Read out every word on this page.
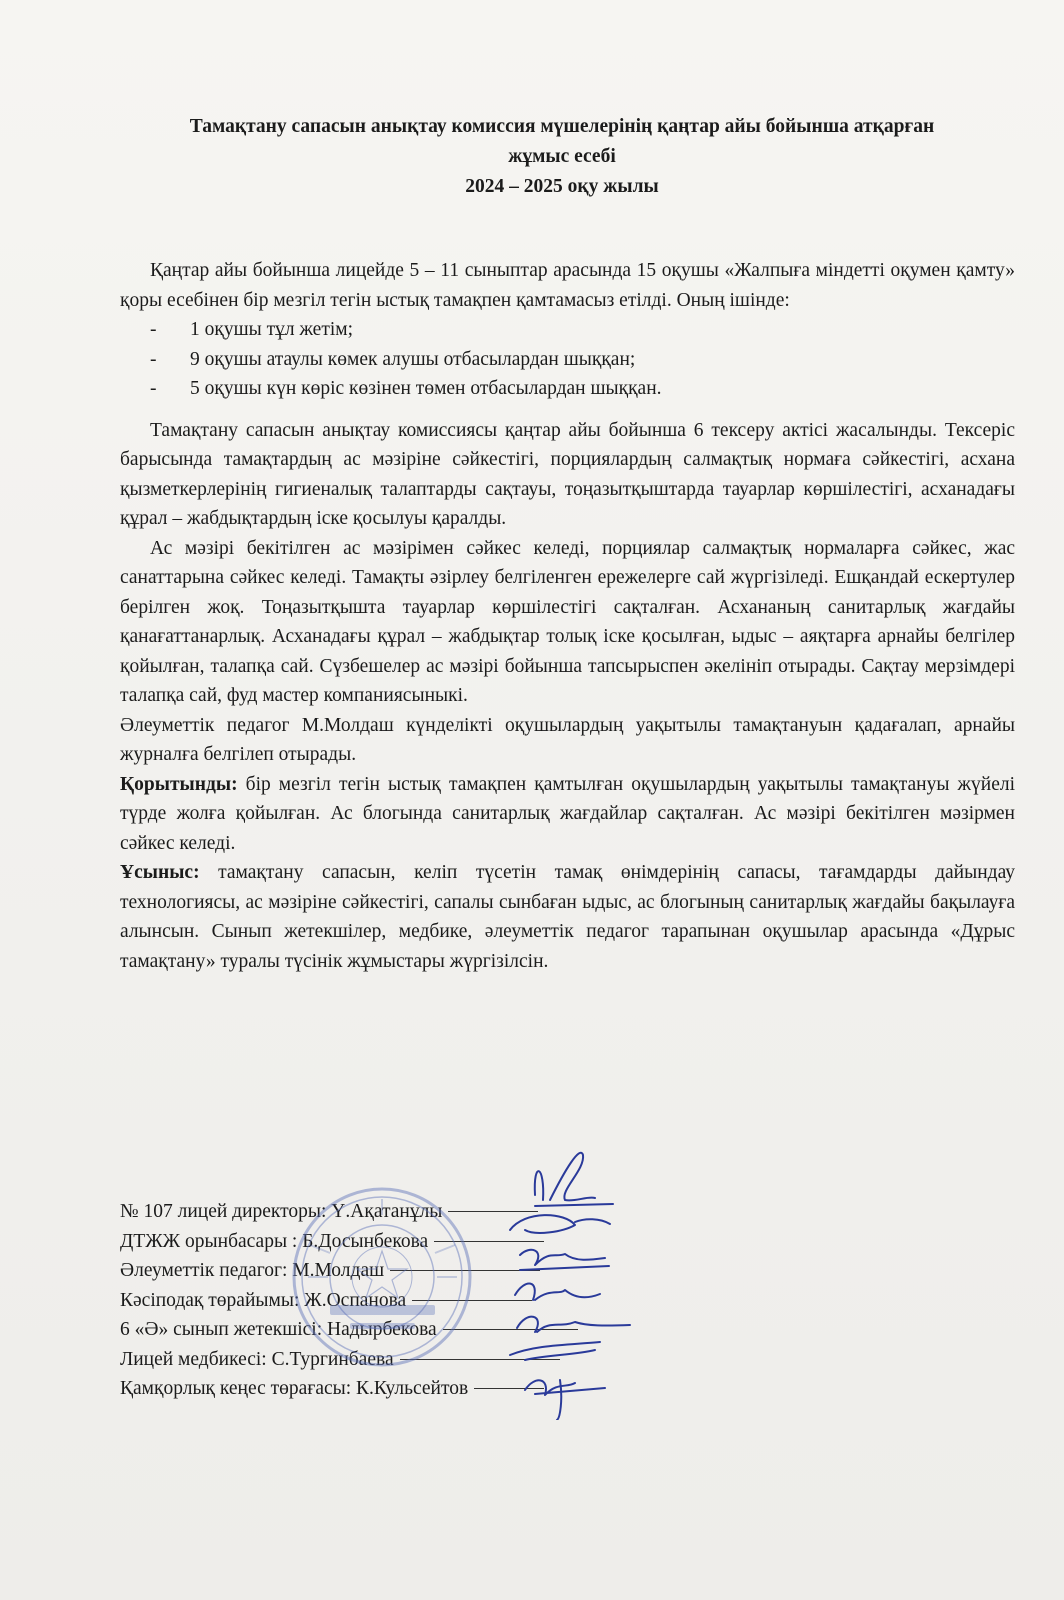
Тамақтану сапасын анықтау комиссия мүшелерінің қаңтар айы бойынша атқарған
жұмыс есебі
2024 – 2025 оқу жылы

Қаңтар айы бойынша лицейде 5 – 11 сыныптар арасында 15 оқушы «Жалпыға міндетті оқумен қамту» қоры есебінен бір мезгіл тегін ыстық тамақпен қамтамасыз етілді. Оның ішінде:

- 1 оқушы тұл жетім;
- 9 оқушы атаулы көмек алушы отбасылардан шыққан;
- 5 оқушы күн көріс көзінен төмен отбасылардан шыққан.

Тамақтану сапасын анықтау комиссиясы қаңтар айы бойынша 6 тексеру актісі жасалынды. Тексеріс барысында тамақтардың ас мәзіріне сәйкестігі, порциялардың салмақтық нормаға сәйкестігі, асхана қызметкерлерінің гигиеналық талаптарды сақтауы, тоңазытқыштарда тауарлар көршілестігі, асханадағы құрал – жабдықтардың іске қосылуы қаралды.

Ас мәзірі бекітілген ас мәзірімен сәйкес келеді, порциялар салмақтық нормаларға сәйкес, жас санаттарына сәйкес келеді. Тамақты әзірлеу белгіленген ережелерге сай жүргізіледі. Ешқандай ескертулер берілген жоқ. Тоңазытқышта тауарлар көршілестігі сақталған. Асхананың санитарлық жағдайы қанағаттанарлық. Асханадағы құрал – жабдықтар толық іске қосылған, ыдыс – аяқтарға арнайы белгілер қойылған, талапқа сай. Сүзбешелер ас мәзірі бойынша тапсырыспен әкелініп отырады. Сақтау мерзімдері талапқа сай, фуд мастер компаниясыныкі.

Әлеуметтік педагог М.Молдаш күнделікті оқушылардың уақытылы тамақтануын қадағалап, арнайы журналға белгілеп отырады.

Қорытынды: бір мезгіл тегін ыстық тамақпен қамтылған оқушылардың уақытылы тамақтануы жүйелі түрде жолға қойылған. Ас блогында санитарлық жағдайлар сақталған. Ас мәзірі бекітілген мәзірмен сәйкес келеді.

Ұсыныс: тамақтану сапасын, келіп түсетін тамақ өнімдерінің сапасы, тағамдарды дайындау технологиясы, ас мәзіріне сәйкестігі, сапалы сынбаған ыдыс, ас блогының санитарлық жағдайы бақылауға алынсын. Сынып жетекшілер, медбике, әлеуметтік педагог тарапынан оқушылар арасында «Дұрыс тамақтану» туралы түсінік жұмыстары жүргізілсін.

№ 107 лицей директоры: Ү.Ақатанұлы
ДТЖЖ орынбасары : Б.Досынбекова
Әлеуметтік педагог: М.Молдаш
Кәсіподақ төрайымы: Ж.Оспанова
6 «Ә» сынып жетекшісі: Надырбекова
Лицей медбикесі: С.Тургинбаева
Қамқорлық кеңес төрағасы: К.Кульсейтов
